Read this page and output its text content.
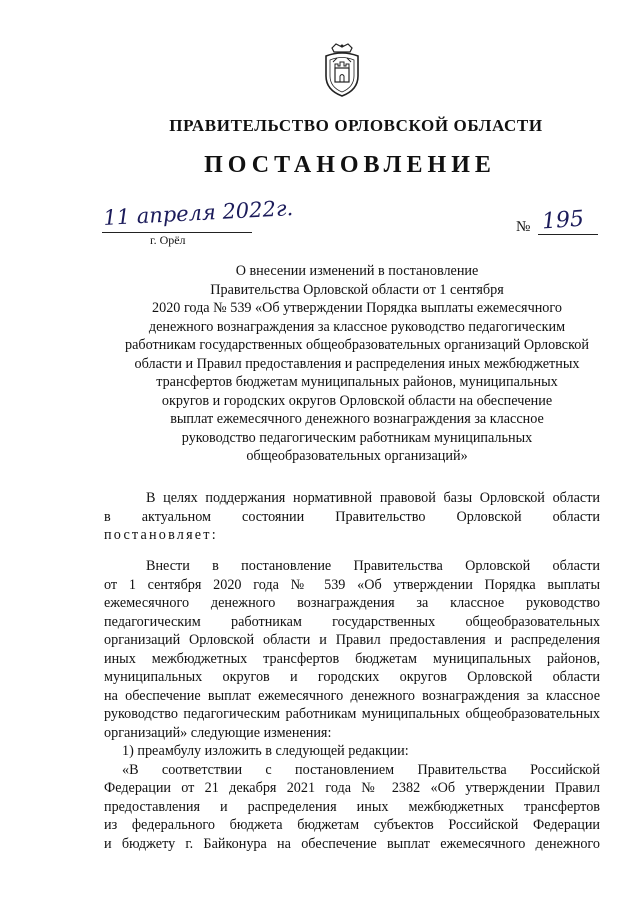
ПРАВИТЕЛЬСТВО ОРЛОВСКОЙ ОБЛАСТИ
ПОСТАНОВЛЕНИЕ
11 апреля 2022г.
г. Орёл
№ 195
О внесении изменений в постановление
Правительства Орловской области от 1 сентября
2020 года № 539 «Об утверждении Порядка выплаты ежемесячного
денежного вознаграждения за классное руководство педагогическим
работникам государственных общеобразовательных организаций Орловской
области и Правил предоставления и распределения иных межбюджетных
трансфертов бюджетам муниципальных районов, муниципальных
округов и городских округов Орловской области на обеспечение
выплат ежемесячного денежного вознаграждения за классное
руководство педагогическим работникам муниципальных
общеобразовательных организаций»
В целях поддержания нормативной правовой базы Орловской области
в актуальном состоянии Правительство Орловской области
постановляет:
Внести в постановление Правительства Орловской области
от 1 сентября 2020 года № 539 «Об утверждении Порядка выплаты
ежемесячного денежного вознаграждения за классное руководство
педагогическим работникам государственных общеобразовательных
организаций Орловской области и Правил предоставления и распределения
иных межбюджетных трансфертов бюджетам муниципальных районов,
муниципальных округов и городских округов Орловской области
на обеспечение выплат ежемесячного денежного вознаграждения за классное
руководство педагогическим работникам муниципальных общеобразовательных
организаций» следующие изменения:
1) преамбулу изложить в следующей редакции:
«В соответствии с постановлением Правительства Российской
Федерации от 21 декабря 2021 года № 2382 «Об утверждении Правил
предоставления и распределения иных межбюджетных трансфертов
из федерального бюджета бюджетам субъектов Российской Федерации
и бюджету г. Байконура на обеспечение выплат ежемесячного денежного
